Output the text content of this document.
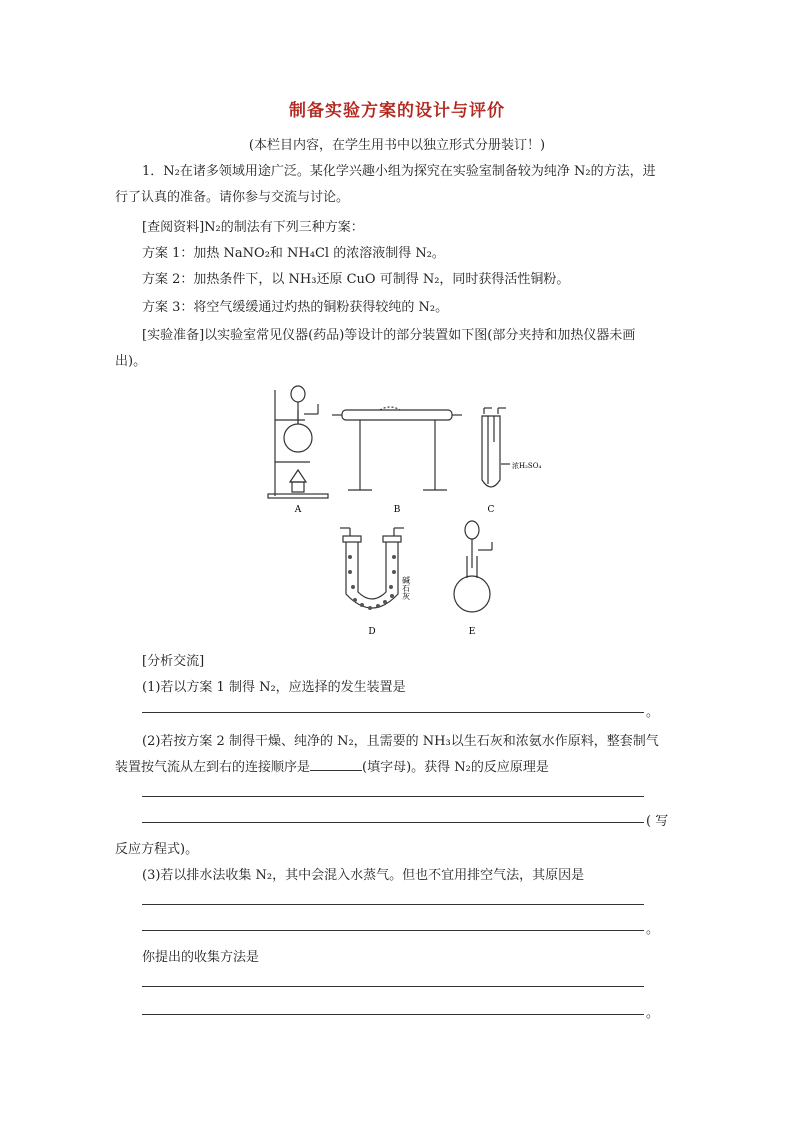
制备实验方案的设计与评价
(本栏目内容，在学生用书中以独立形式分册装订！)
1．N₂在诸多领域用途广泛。某化学兴趣小组为探究在实验室制备较为纯净 N₂的方法，进
行了认真的准备。请你参与交流与讨论。
[查阅资料]N₂的制法有下列三种方案：
方案 1：加热 NaNO₂和 NH₄Cl 的浓溶液制得 N₂。
方案 2：加热条件下，以 NH₃还原 CuO 可制得 N₂，同时获得活性铜粉。
方案 3：将空气缓缓通过灼热的铜粉获得较纯的 N₂。
[实验准备]以实验室常见仪器(药品)等设计的部分装置如下图(部分夹持和加热仪器未画
出)。
A	B	C
D	E
浓H₂SO₄
碱石灰
[分析交流]
(1)若以方案 1 制得 N₂，应选择的发生装置是
。
(2)若按方案 2 制得干燥、纯净的 N₂，且需要的 NH₃以生石灰和浓氨水作原料，整套制气
装置按气流从左到右的连接顺序是	(填字母)。获得 N₂的反应原理是
( 写
反应方程式)。
(3)若以排水法收集 N₂，其中会混入水蒸气。但也不宜用排空气法，其原因是
。
你提出的收集方法是
。
